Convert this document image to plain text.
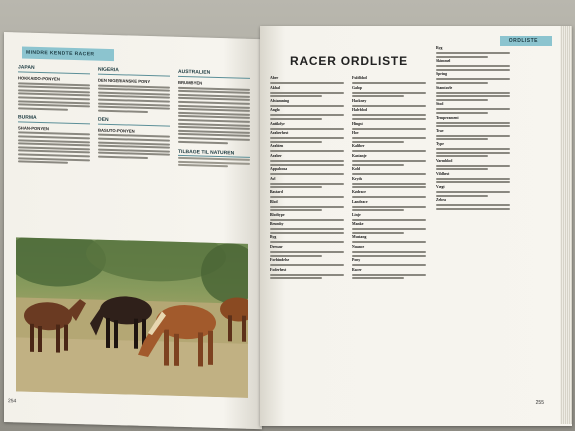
MINDRE KENDTE RACER
JAPAN
HOKKAIDO-PONYEN
BURMA
SHAN-PONYEN
NIGERIA
DEN NIGERIANSKE PONY
DEN
BASUTO-PONYEN
AUSTRALIEN
BRUMBYEN
TILBAGE TIL NATUREN
254
ORDLISTE
RACER ORDLISTE
Aber
Akhal
Afstamning
Anglo
Antikdyr
Araberhest
Arabien
Araber
Appaloosa
Avl
Bastard
Blod
Blodtype
Brumby
Byg
Dressur
Forbindelse
Foderhest
Fuldblod
Galop
Hackney
Halvblod
Hingst
Hov
Kaliber
Kastanje
Kold
Kryds
Kødrace
Landrace
Linje
Manke
Mustang
Nuance
Pony
Racer
Ryg
Skimmel
Spring
Stamtavle
Stod
Temperament
Trav
Type
Varmblod
Vildhest
Vægt
Zebra
255
